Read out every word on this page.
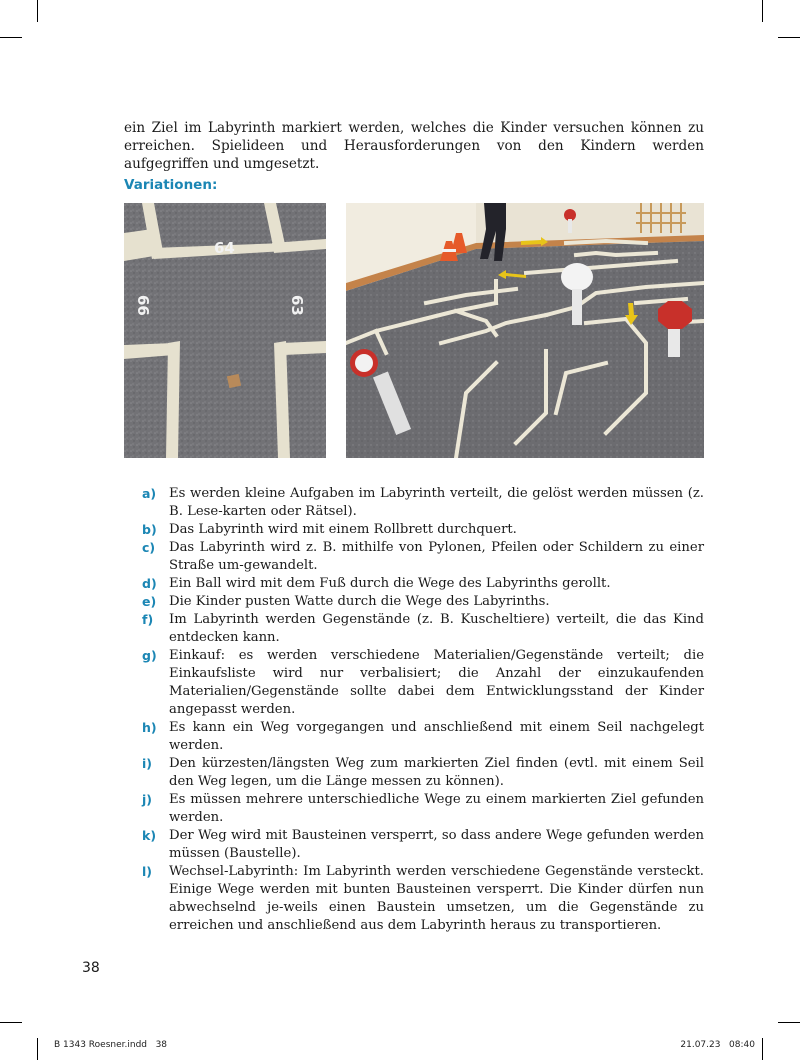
ein Ziel im Labyrinth markiert werden, welches die Kinder versuchen können zu erreichen. Spielideen und Herausforderungen von den Kindern werden aufgegriffen und umgesetzt.

Variationen:
64
66	63
a) Es werden kleine Aufgaben im Labyrinth verteilt, die gelöst werden müssen (z. B. Lese-karten oder Rätsel).
b) Das Labyrinth wird mit einem Rollbrett durchquert.
c)	Das Labyrinth wird z. B. mithilfe von Pylonen, Pfeilen oder Schildern zu einer Straße um-gewandelt.
d) Ein Ball wird mit dem Fuß durch die Wege des Labyrinths gerollt.
e) Die Kinder pusten Watte durch die Wege des Labyrinths.
f)	Im Labyrinth werden Gegenstände (z. B. Kuscheltiere) verteilt, die das Kind entdecken kann.
g) Einkauf: es werden verschiedene Materialien/Gegenstände verteilt; die Einkaufsliste wird nur verbalisiert; die Anzahl der einzukaufenden Materialien/Gegenstände sollte dabei dem Entwicklungsstand der Kinder angepasst werden.
h) Es kann ein Weg vorgegangen und anschließend mit einem Seil nachgelegt werden.
i)	Den kürzesten/längsten Weg zum markierten Ziel finden (evtl. mit einem Seil den Weg legen, um die Länge messen zu können).
j)	Es müssen mehrere unterschiedliche Wege zu einem markierten Ziel gefunden werden.
k) Der Weg wird mit Bausteinen versperrt, so dass andere Wege gefunden werden müssen (Baustelle).
l)	Wechsel-Labyrinth: Im Labyrinth werden verschiedene Gegenstände versteckt. Einige Wege werden mit bunten Bausteinen versperrt. Die Kinder dürfen nun abwechselnd je-weils einen Baustein umsetzen, um die Gegenstände zu erreichen und anschließend aus dem Labyrinth heraus zu transportieren.
38
B 1343 Roesner.indd   38	21.07.23   08:40
